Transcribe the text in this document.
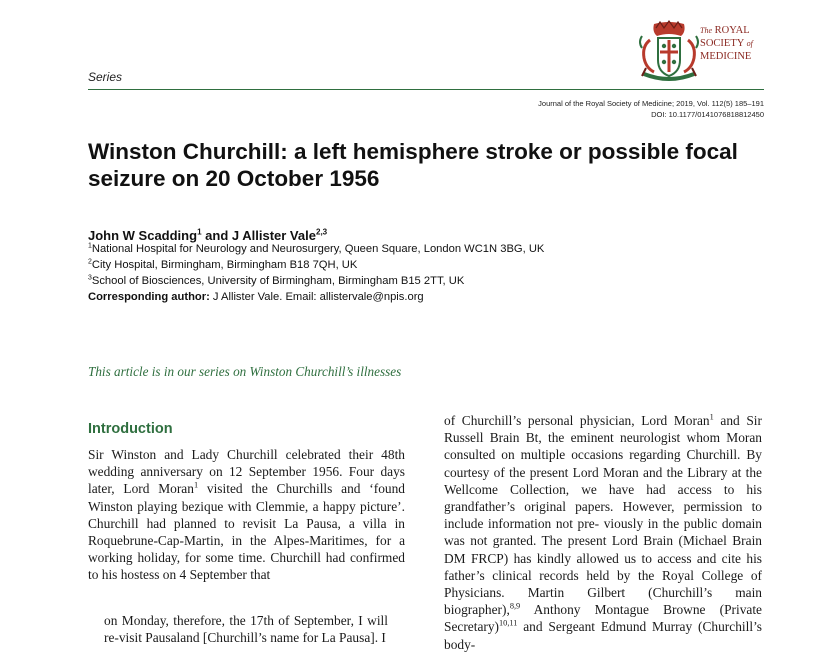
Series
The ROYAL
SOCIETY of
MEDICINE
Journal of the Royal Society of Medicine; 2019, Vol. 112(5) 185–191
DOI: 10.1177/0141076818812450
Winston Churchill: a left hemisphere stroke or possible focal seizure on 20 October 1956
John W Scadding$^1$ and J Allister Vale$^{2,3}$
$^1$National Hospital for Neurology and Neurosurgery, Queen Square, London WC1N 3BG, UK
$^2$City Hospital, Birmingham, Birmingham B18 7QH, UK
$^3$School of Biosciences, University of Birmingham, Birmingham B15 2TT, UK
Corresponding author: J Allister Vale. Email: allistervale@npis.org
This article is in our series on Winston Churchill’s illnesses
Introduction
Sir Winston and Lady Churchill celebrated their 48th wedding anniversary on 12 September 1956. Four days later, Lord Moran$^1$ visited the Churchills and ‘found Winston playing bezique with Clemmie, a happy picture’. Churchill had planned to revisit La Pausa, a villa in Roquebrune-Cap-Martin, in the Alpes-Maritimes, for a working holiday, for some time. Churchill had confirmed to his hostess on 4 September that
on Monday, therefore, the 17th of September, I will re-visit Pausaland [Churchill’s name for La Pausa]. I
of Churchill’s personal physician, Lord Moran$^1$ and Sir Russell Brain Bt, the eminent neurologist whom Moran consulted on multiple occasions regarding Churchill. By courtesy of the present Lord Moran and the Library at the Wellcome Collection, we have had access to his grandfather’s original papers. However, permission to include information not pre- viously in the public domain was not granted. The present Lord Brain (Michael Brain DM FRCP) has kindly allowed us to access and cite his father’s clinical records held by the Royal College of Physicians. Martin Gilbert (Churchill’s main biographer),$^{8,9}$ Anthony Montague Browne (Private Secretary)$^{10,11}$ and Sergeant Edmund Murray (Churchill’s body-
